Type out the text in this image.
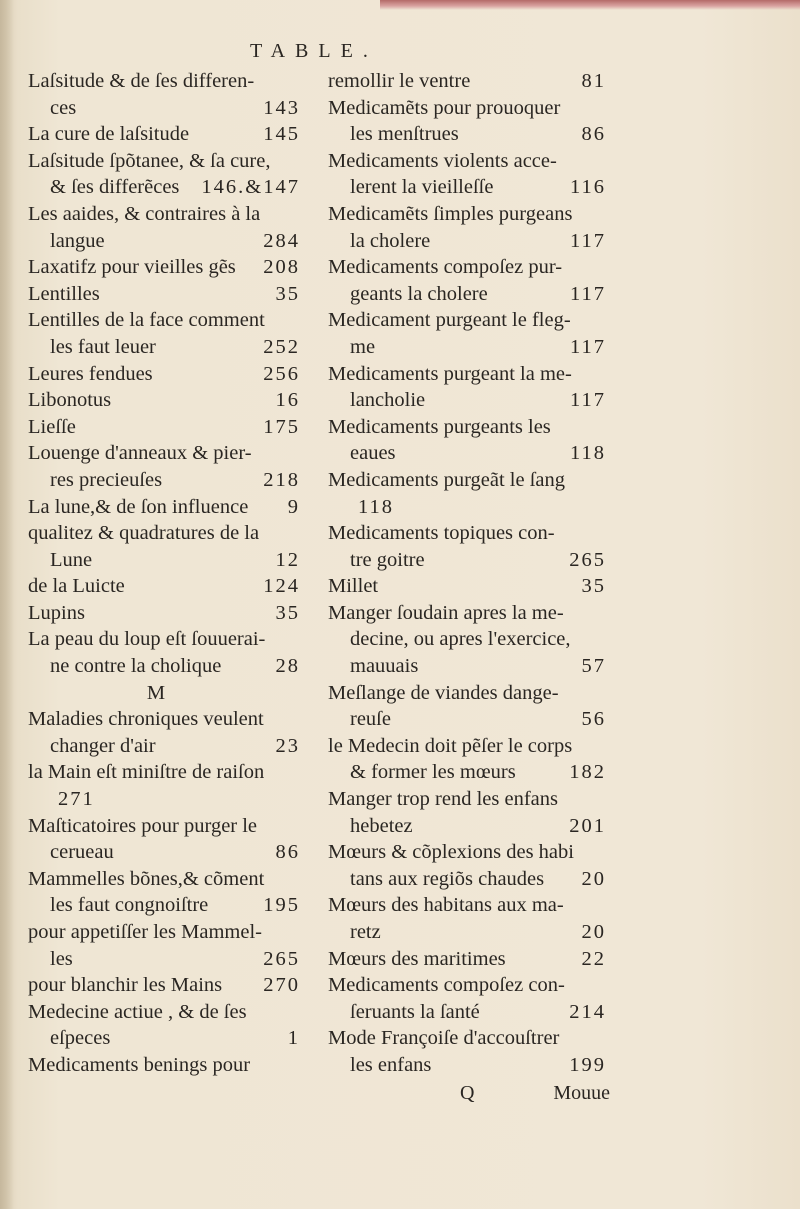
TABLE.
Laſsitude & de ſes differen-
ces	143
La cure de laſsitude	145
Laſsitude ſpõtanee, & ſa cure,
& ſes differẽces	146.&147
Les aaides, & contraires à la
langue	284
Laxatifz pour vieilles gẽs	208
Lentilles	35
Lentilles de la face comment
les faut leuer	252
Leures fendues	256
Libonotus	16
Lieſſe	175
Louenge d'anneaux & pier-
res precieuſes	218
La lune,& de ſon influence	9
qualitez & quadratures de la
Lune	12
de la Luicte	124
Lupins	35
La peau du loup eſt ſouuerai-
ne contre la cholique	28
M
Maladies chroniques veulent
changer d'air	23
la Main eſt miniſtre de raiſon
271
Maſticatoires pour purger le
cerueau	86
Mammelles bõnes,& cõment
les faut congnoiſtre	195
pour appetiſſer les Mammel-
les	265
pour blanchir les Mains	270
Medecine actiue , & de ſes
eſpeces	1
Medicaments benings pour
remollir le ventre	81
Medicamẽts pour prouoquer
les menſtrues	86
Medicaments violents acce-
lerent la vieilleſſe	116
Medicamẽts ſimples purgeans
la cholere	117
Medicaments compoſez pur-
geants la cholere	117
Medicament purgeant le fleg-
me	117
Medicaments purgeant la me-
lancholie	117
Medicaments purgeants les
eaues	118
Medicaments purgeãt le ſang
118
Medicaments topiques con-
tre goitre	265
Millet	35
Manger ſoudain apres la me-
decine, ou apres l'exercice,
mauuais	57
Meſlange de viandes dange-
reuſe	56
le Medecin doit pẽſer le corps
& former les mœurs	182
Manger trop rend les enfans
hebetez	201
Mœurs & cõplexions des habi
tans aux regiõs chaudes	20
Mœurs des habitans aux ma-
retz	20
Mœurs des maritimes	22
Medicaments compoſez con-
ſeruants la ſanté	214
Mode Françoiſe d'accouſtrer
les enfans	199
Q	Mouue
